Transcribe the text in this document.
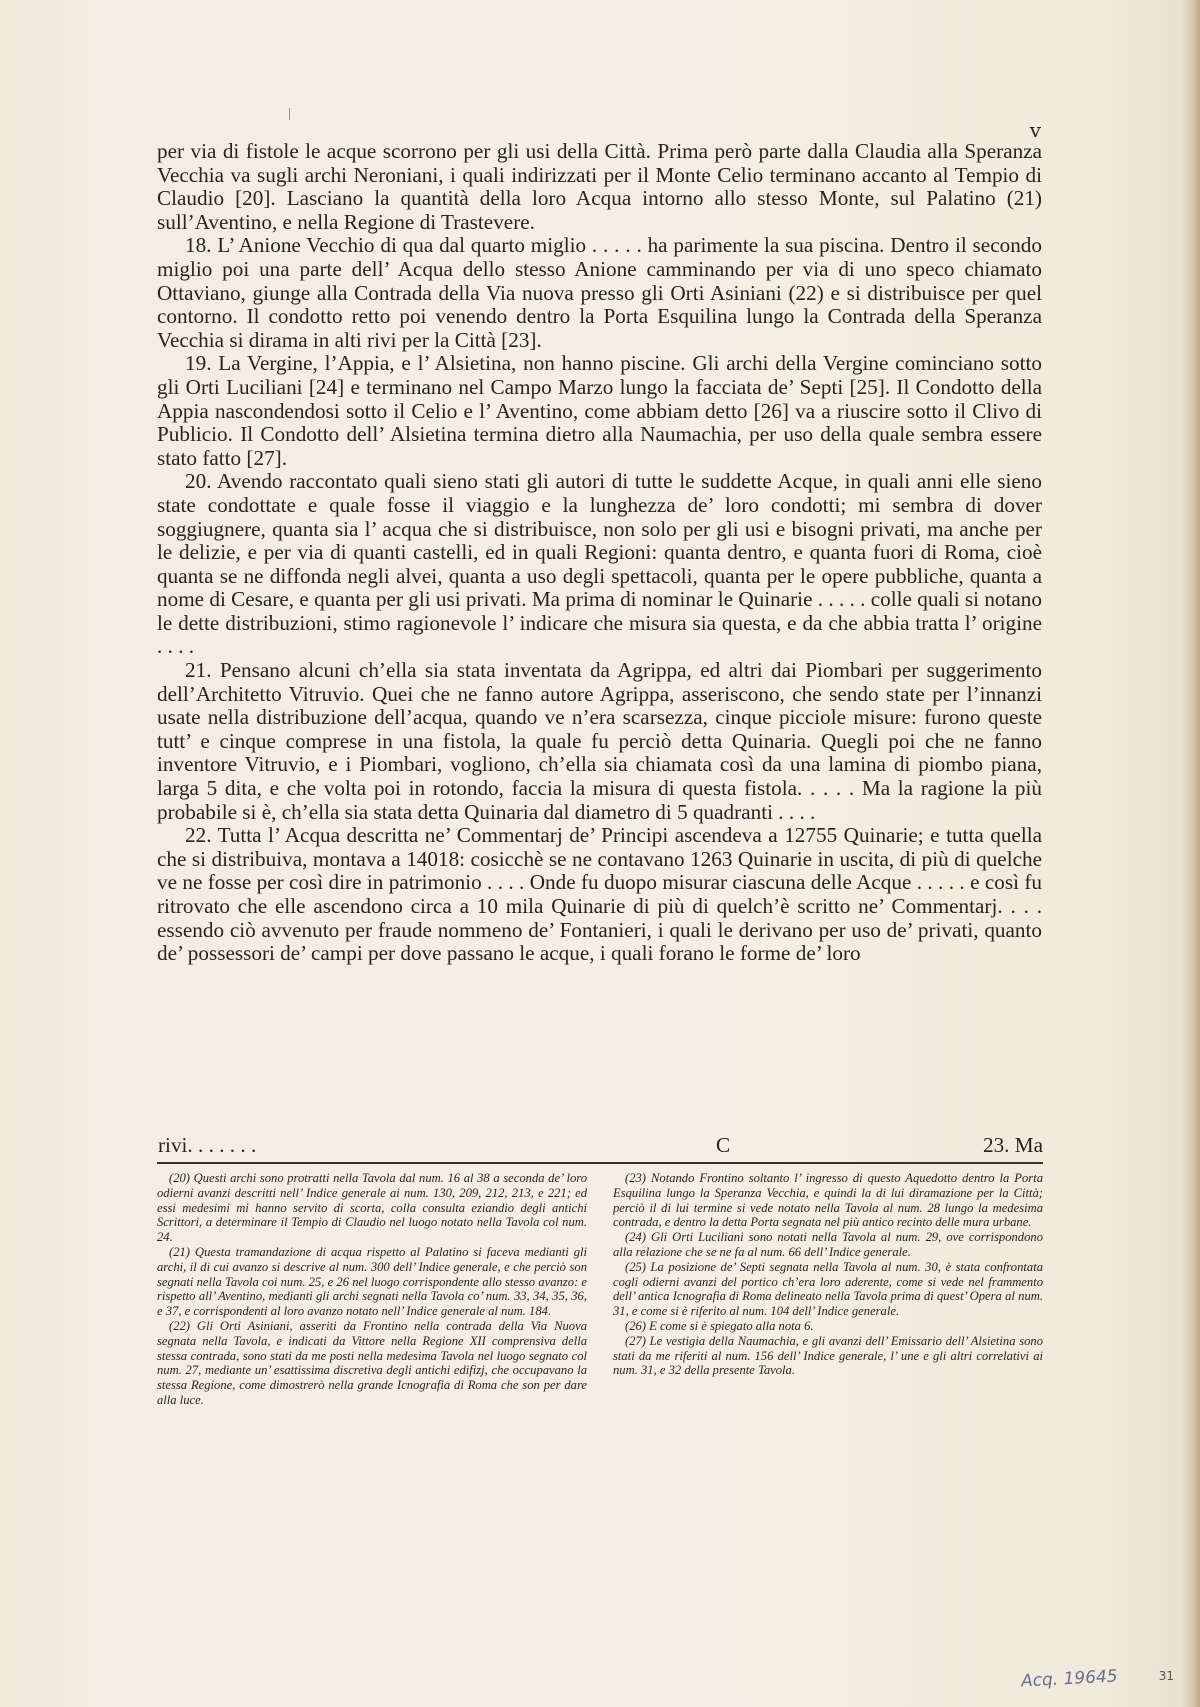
v

per via di fistole le acque scorrono per gli usi della Città. Prima però parte dalla Claudia alla Speranza Vecchia va sugli archi Neroniani, i quali indirizzati per il Monte Celio terminano accanto al Tempio di Claudio [20]. Lasciano la quantità della loro Acqua intorno allo stesso Monte, sul Palatino (21) sull’Aventino, e nella Regione di Trastevere.

18. L’ Anione Vecchio di qua dal quarto miglio . . . . . ha parimente la sua piscina. Dentro il secondo miglio poi una parte dell’ Acqua dello stesso Anione camminando per via di uno speco chiamato Ottaviano, giunge alla Contrada della Via nuova presso gli Orti Asiniani (22) e si distribuisce per quel contorno. Il condotto retto poi venendo dentro la Porta Esquilina lungo la Contrada della Speranza Vecchia si dirama in alti rivi per la Città [23].

19. La Vergine, l’Appia, e l’ Alsietina, non hanno piscine. Gli archi della Vergine cominciano sotto gli Orti Luciliani [24] e terminano nel Campo Marzo lungo la facciata de’ Septi [25]. Il Condotto della Appia nascondendosi sotto il Celio e l’ Aventino, come abbiam detto [26] va a riuscire sotto il Clivo di Publicio. Il Condotto dell’ Alsietina termina dietro alla Naumachia, per uso della quale sembra essere stato fatto [27].

20. Avendo raccontato quali sieno stati gli autori di tutte le suddette Acque, in quali anni elle sieno state condottate e quale fosse il viaggio e la lunghezza de’ loro condotti; mi sembra di dover soggiugnere, quanta sia l’ acqua che si distribuisce, non solo per gli usi e bisogni privati, ma anche per le delizie, e per via di quanti castelli, ed in quali Regioni: quanta dentro, e quanta fuori di Roma, cioè quanta se ne diffonda negli alvei, quanta a uso degli spettacoli, quanta per le opere pubbliche, quanta a nome di Cesare, e quanta per gli usi privati. Ma prima di nominar le Quinarie . . . . . colle quali si notano le dette distribuzioni, stimo ragionevole l’ indicare che misura sia questa, e da che abbia tratta l’ origine . . . .

21. Pensano alcuni ch’ella sia stata inventata da Agrippa, ed altri dai Piombari per suggerimento dell’Architetto Vitruvio. Quei che ne fanno autore Agrippa, asseriscono, che sendo state per l’innanzi usate nella distribuzione dell’acqua, quando ve n’era scarsezza, cinque picciole misure: furono queste tutt’ e cinque comprese in una fistola, la quale fu perciò detta Quinaria. Quegli poi che ne fanno inventore Vitruvio, e i Piombari, vogliono, ch’ella sia chiamata così da una lamina di piombo piana, larga 5 dita, e che volta poi in rotondo, faccia la misura di questa fistola. . . . . Ma la ragione la più probabile si è, ch’ella sia stata detta Quinaria dal diametro di 5 quadranti . . . .

22. Tutta l’ Acqua descritta ne’ Commentarj de’ Principi ascendeva a 12755 Quinarie; e tutta quella che si distribuiva, montava a 14018: cosicchè se ne contavano 1263 Quinarie in uscita, di più di quelche ve ne fosse per così dire in patrimonio . . . . Onde fu duopo misurar ciascuna delle Acque . . . . . e così fu ritrovato che elle ascendono circa a 10 mila Quinarie di più di quelch’è scritto ne’ Commentarj. . . . essendo ciò avvenuto per fraude nommeno de’ Fontanieri, i quali le derivano per uso de’ privati, quanto de’ possessori de’ campi per dove passano le acque, i quali forano le forme de’ loro

rivi. . . . . . .	C	23. Ma

(20) Questi archi sono protratti nella Tavola dal num. 16 al 38 a seconda de’ loro odierni avanzi descritti nell’ Indice generale ai num. 130, 209, 212, 213, e 221; ed essi medesimi mi hanno servito di scorta, colla consulta eziandio degli antichi Scrittori, a determinare il Tempio di Claudio nel luogo notato nella Tavola col num. 24.

(21) Questa tramandazione di acqua rispetto al Palatino si faceva medianti gli archi, il di cui avanzo si descrive al num. 300 dell’ Indice generale, e che perciò son segnati nella Tavola coi num. 25, e 26 nel luogo corrispondente allo stesso avanzo: e rispetto all’ Aventino, medianti gli archi segnati nella Tavola co’ num. 33, 34, 35, 36, e 37, e corrispondenti al loro avanzo notato nell’ Indice generale al num. 184.

(22) Gli Orti Asiniani, asseriti da Frontino nella contrada della Via Nuova segnata nella Tavola, e indicati da Vittore nella Regione XII comprensiva della stessa contrada, sono stati da me posti nella medesima Tavola nel luogo segnato col num. 27, mediante un’ esattissima discretiva degli antichi edifizj, che occupavano la stessa Regione, come dimostrerò nella grande Icnografia di Roma che son per dare alla luce.

(23) Notando Frontino soltanto l’ ingresso di questo Aquedotto dentro la Porta Esquilina lungo la Speranza Vecchia, e quindi la di lui diramazione per la Città; perciò il di lui termine si vede notato nella Tavola al num. 28 lungo la medesima contrada, e dentro la detta Porta segnata nel più antico recinto delle mura urbane.

(24) Gli Orti Luciliani sono notati nella Tavola al num. 29, ove corrispondono alla relazione che se ne fa al num. 66 dell’ Indice generale.

(25) La posizione de’ Septi segnata nella Tavola al num. 30, è stata confrontata cogli odierni avanzi del portico ch’era loro aderente, come si vede nel frammento dell’ antica Icnografia di Roma delineato nella Tavola prima di quest’ Opera al num. 31, e come si è riferito al num. 104 dell’ Indice generale.

(26) E come si è spiegato alla nota 6.

(27) Le vestigia della Naumachia, e gli avanzi dell’ Emissario dell’ Alsietina sono stati da me riferiti al num. 156 dell’ Indice generale, l’ une e gli altri correlativi ai num. 31, e 32 della presente Tavola.

Acq. 19645	31
